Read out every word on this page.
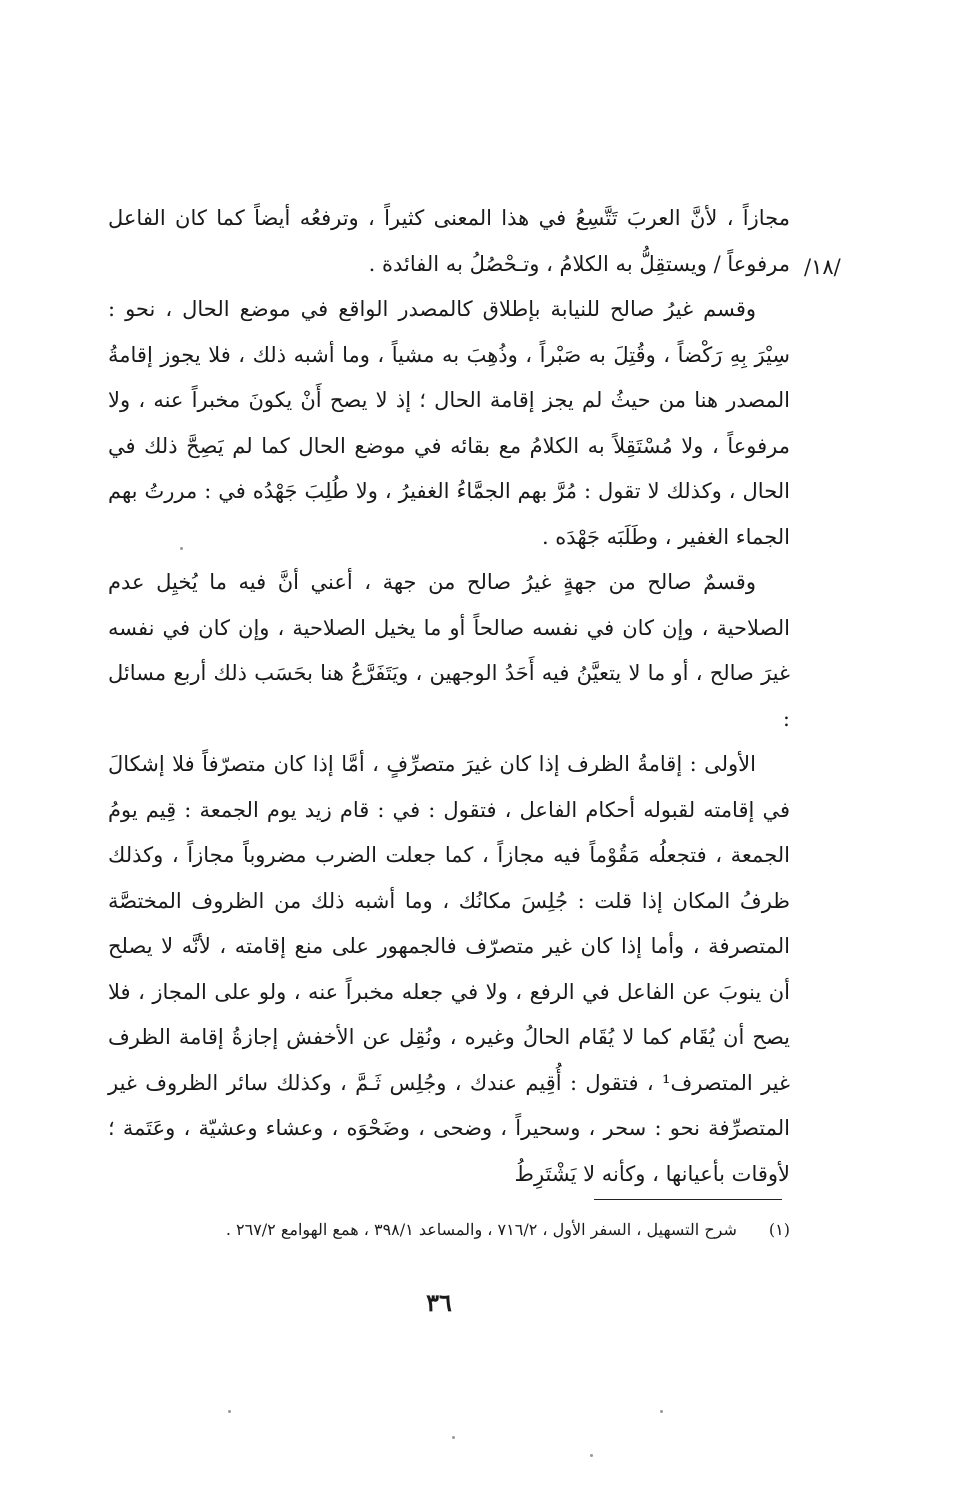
/١٨/

مجازاً ، لأنَّ العربَ تَتَّسِعُ في هذا المعنى كثيراً ، وترفعُه أيضاً كما كان الفاعل مرفوعاً / ويستقِلُّ به الكلامُ ، وتـحْصُلُ به الفائدة .

وقسم غيرُ صالح للنيابة بإطلاق كالمصدر الواقع في موضع الحال ، نحو : سِيْرَ بِهِ رَكْضاً ، وقُتِلَ به صَبْراً ، وذُهِبَ به مشياً ، وما أشبه ذلك ، فلا يجوز إقامةُ المصدر هنا من حيثُ لم يجز إقامة الحال ؛ إذ لا يصح أَنْ يكونَ مخبراً عنه ، ولا مرفوعاً ، ولا مُسْتَقِلاً به الكلامُ مع بقائه في موضع الحال كما لم يَصِحَّ ذلك في الحال ، وكذلك لا تقول : مُرَّ بهم الجمَّاءُ الغفيرُ ، ولا طُلِبَ جَهْدُه في : مررتُ بهم الجماء الغفير ، وطَلَبَه جَهْدَه .

وقسمٌ صالح من جهةٍ غيرُ صالح من جهة ، أعني أنَّ فيه ما يُخيِل عدم الصلاحية ، وإن كان في نفسه صالحاً أو ما يخيل الصلاحية ، وإن كان في نفسه غيرَ صالح ، أو ما لا يتعيَّنُ فيه أَحَدُ الوجهين ، ويَتَفَرَّعُ هنا بحَسَب ذلك أربع مسائل :

الأولى : إقامةُ الظرف إذا كان غيرَ متصرِّفٍ ، أمَّا إذا كان متصرّفاً فلا إشكالَ في إقامته لقبوله أحكام الفاعل ، فتقول : في : قام زيد يوم الجمعة : قِيم يومُ الجمعة ، فتجعلُه مَقُوْماً فيه مجازاً ، كما جعلت الضرب مضروباً مجازاً ، وكذلك ظرفُ المكان إذا قلت : جُلِسَ مكانُك ، وما أشبه ذلك من الظروف المختصَّة المتصرفة ، وأما إذا كان غير متصرّف فالجمهور على منع إقامته ، لأنَّه لا يصلح أن ينوبَ عن الفاعل في الرفع ، ولا في جعله مخبراً عنه ، ولو على المجاز ، فلا يصح أن يُقَام كما لا يُقَام الحالُ وغيره ، ونُقِل عن الأخفش إجازةُ إقامة الظرف غير المتصرف¹ ، فتقول : أُقِيم عندك ، وجُلِس ثَـمَّ ، وكذلك سائر الظروف غير المتصرِّفة نحو : سحر ، وسحيراً ، وضحى ، وضَحْوَه ، وعشاء وعشيّة ، وعَتَمة ؛ لأوقات بأعيانها ، وكأنه لا يَشْتَرِطُ

(١)شرح التسهيل ، السفر الأول ، ٧١٦/٢ ، والمساعد ٣٩٨/١ ، همع الهوامع ٢٦٧/٢ .
٣٦
